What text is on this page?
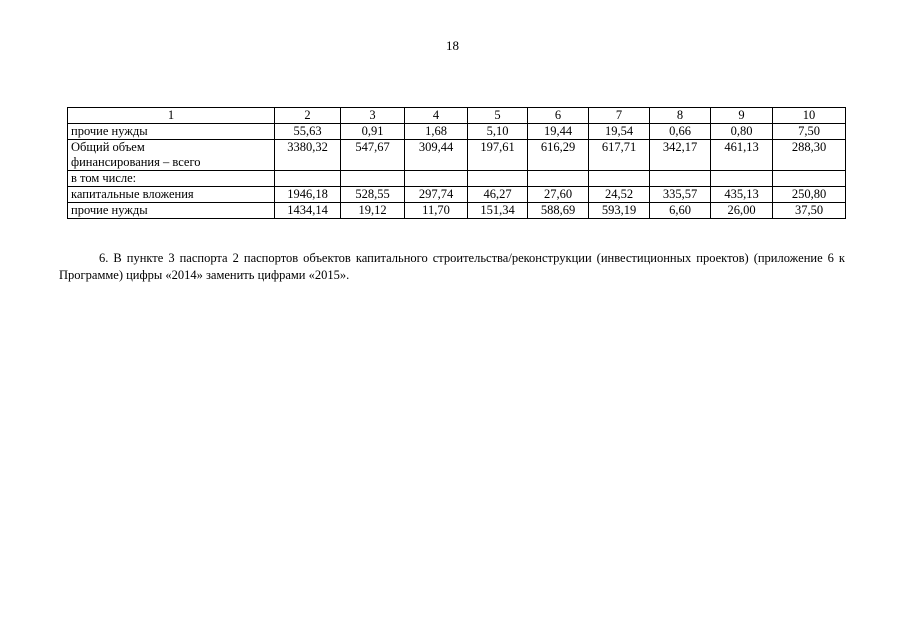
18
1	2	3	4	5	6	7	8	9	10
прочие нужды	55,63	0,91	1,68	5,10	19,44	19,54	0,66	0,80	7,50

Общий объем
финансирования – всего	3380,32	547,67	309,44	197,61	616,29	617,71	342,17	461,13	288,30
в том числе:									
капитальные вложения	1946,18	528,55	297,74	46,27	27,60	24,52	335,57	435,13	250,80
прочие нужды	1434,14	19,12	11,70	151,34	588,69	593,19	6,60	26,00	37,50

6. В пункте 3 паспорта 2 паспортов объектов капитального строительства/реконструкции (инвестиционных проектов) (приложение 6 к Программе) цифры «2014» заменить цифрами «2015».
